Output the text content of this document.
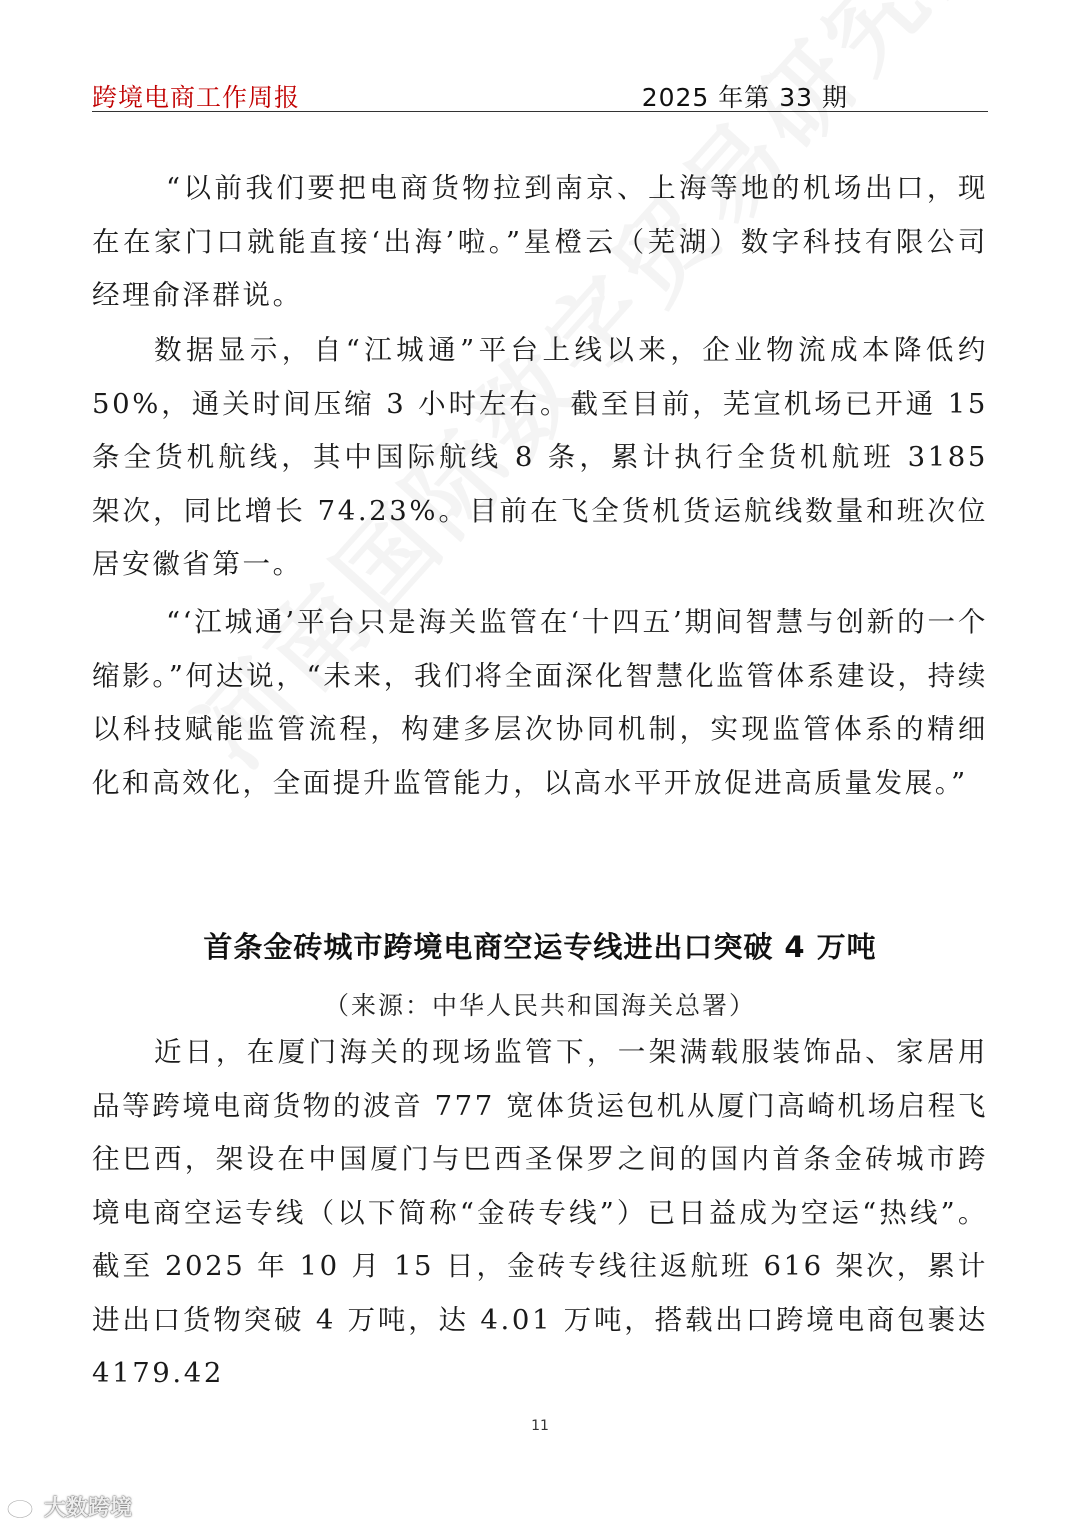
跨境电商工作周报	2025 年第 33 期

“以前我们要把电商货物拉到南京、上海等地的机场出口，现在在家门口就能直接‘出海’啦。”星橙云（芜湖）数字科技有限公司经理俞泽群说。

数据显示，自“江城通”平台上线以来，企业物流成本降低约 50%，通关时间压缩 3 小时左右。截至目前，芜宣机场已开通 15 条全货机航线，其中国际航线 8 条，累计执行全货机航班 3185 架次，同比增长 74.23%。目前在飞全货机货运航线数量和班次位居安徽省第一。

“‘江城通’平台只是海关监管在‘十四五’期间智慧与创新的一个缩影。”何达说，“未来，我们将全面深化智慧化监管体系建设，持续以科技赋能监管流程，构建多层次协同机制，实现监管体系的精细化和高效化，全面提升监管能力，以高水平开放促进高质量发展。”

首条金砖城市跨境电商空运专线进出口突破 4 万吨

（来源：中华人民共和国海关总署）

近日，在厦门海关的现场监管下，一架满载服装饰品、家居用品等跨境电商货物的波音 777 宽体货运包机从厦门高崎机场启程飞往巴西，架设在中国厦门与巴西圣保罗之间的国内首条金砖城市跨境电商空运专线（以下简称“金砖专线”）已日益成为空运“热线”。截至 2025 年 10 月 15 日，金砖专线往返航班 616 架次，累计进出口货物突破 4 万吨，达 4.01 万吨，搭载出口跨境电商包裹达 4179.42

11
大数跨境
